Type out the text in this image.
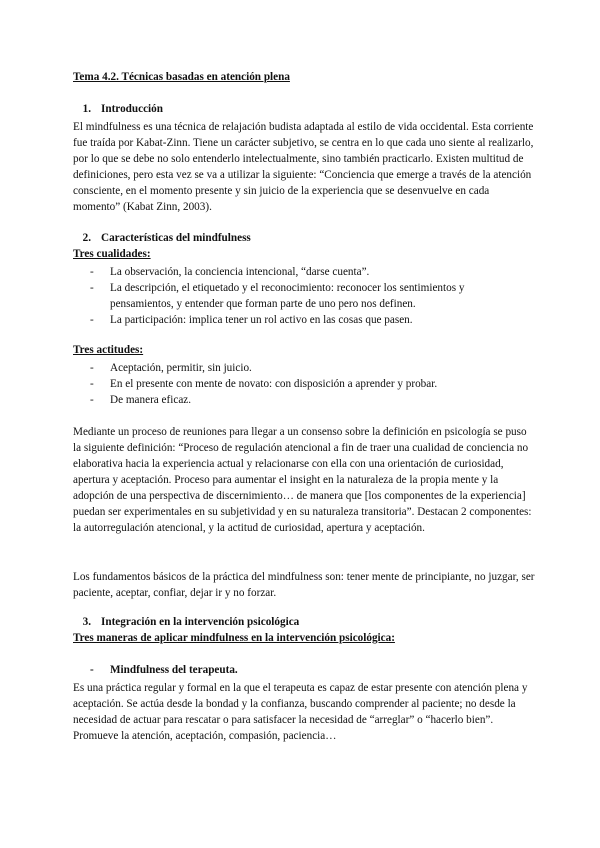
Tema 4.2. Técnicas basadas en atención plena
1. Introducción
El mindfulness es una técnica de relajación budista adaptada al estilo de vida occidental. Esta corriente fue traída por Kabat-Zinn. Tiene un carácter subjetivo, se centra en lo que cada uno siente al realizarlo, por lo que se debe no solo entenderlo intelectualmente, sino también practicarlo. Existen multitud de definiciones, pero esta vez se va a utilizar la siguiente: “Conciencia que emerge a través de la atención consciente, en el momento presente y sin juicio de la experiencia que se desenvuelve en cada momento” (Kabat Zinn, 2003).
2. Características del mindfulness
Tres cualidades:
- La observación, la conciencia intencional, “darse cuenta”.
- La descripción, el etiquetado y el reconocimiento: reconocer los sentimientos y pensamientos, y entender que forman parte de uno pero nos definen.
- La participación: implica tener un rol activo en las cosas que pasen.
Tres actitudes:
- Aceptación, permitir, sin juicio.
- En el presente con mente de novato: con disposición a aprender y probar.
- De manera eficaz.
Mediante un proceso de reuniones para llegar a un consenso sobre la definición en psicología se puso la siguiente definición: “Proceso de regulación atencional a fin de traer una cualidad de conciencia no elaborativa hacia la experiencia actual y relacionarse con ella con una orientación de curiosidad, apertura y aceptación. Proceso para aumentar el insight en la naturaleza de la propia mente y la adopción de una perspectiva de discernimiento… de manera que [los componentes de la experiencia] puedan ser experimentales en su subjetividad y en su naturaleza transitoria”. Destacan 2 componentes: la autorregulación atencional, y la actitud de curiosidad, apertura y aceptación.
Los fundamentos básicos de la práctica del mindfulness son: tener mente de principiante, no juzgar, ser paciente, aceptar, confiar, dejar ir y no forzar.
3. Integración en la intervención psicológica
Tres maneras de aplicar mindfulness en la intervención psicológica:
- Mindfulness del terapeuta.
Es una práctica regular y formal en la que el terapeuta es capaz de estar presente con atención plena y aceptación. Se actúa desde la bondad y la confianza, buscando comprender al paciente; no desde la necesidad de actuar para rescatar o para satisfacer la necesidad de “arreglar” o “hacerlo bien”. Promueve la atención, aceptación, compasión, paciencia…
